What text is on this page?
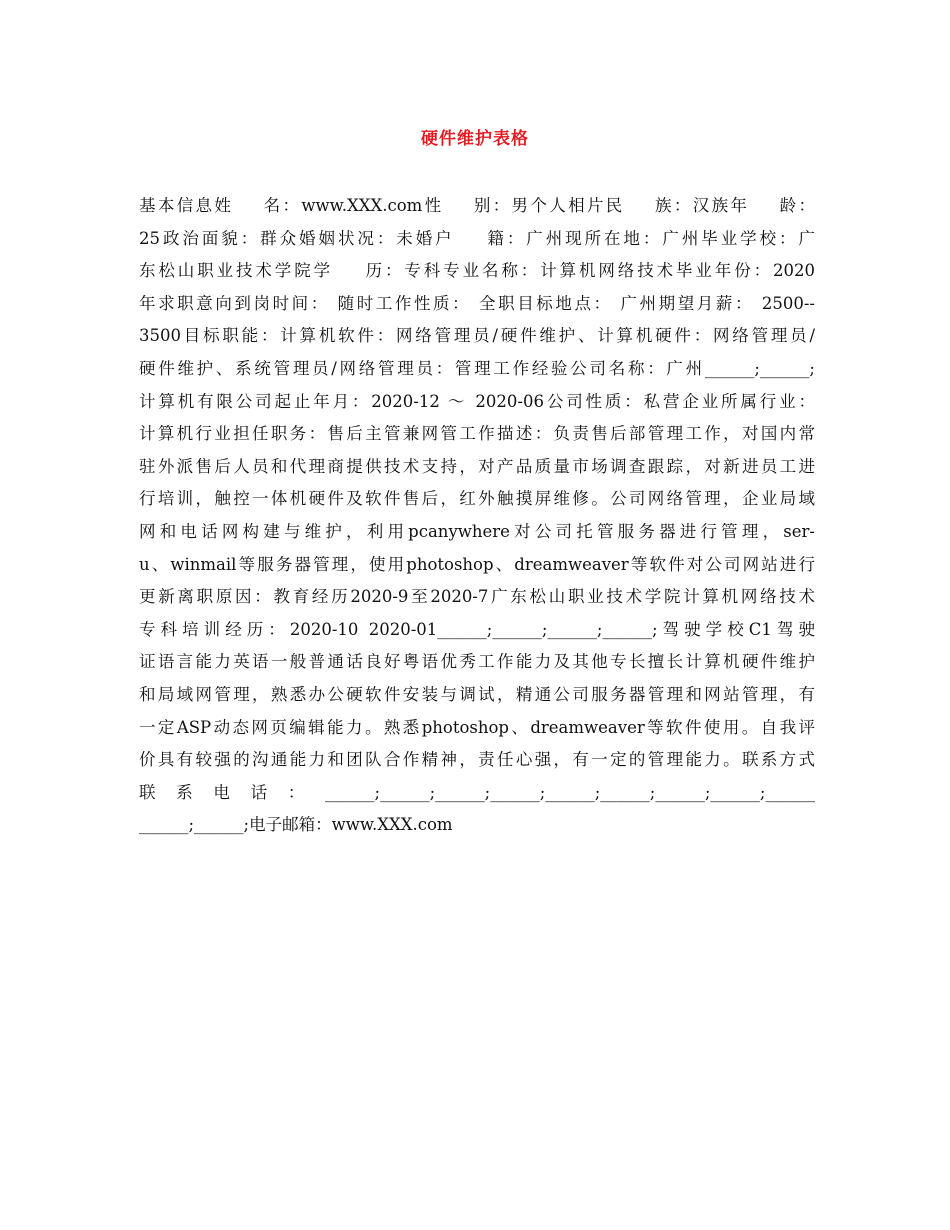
硬件维护表格
基本信息姓    名：www.XXX.com性    别：男个人相片民    族：汉族年    龄：
25政治面貌：群众婚姻状况：未婚户    籍：广州现所在地：广州毕业学校：广
东松山职业技术学院学    历：专科专业名称：计算机网络技术毕业年份：2020
年求职意向到岗时间： 随时工作性质： 全职目标地点： 广州期望月薪： 2500--
3500目标职能：计算机软件：网络管理员/硬件维护、计算机硬件：网络管理员/
硬件维护、系统管理员/网络管理员：管理工作经验公司名称：广州______;______;
计算机有限公司起止年月：2020-12 ～ 2020-06公司性质：私营企业所属行业：
计算机行业担任职务：售后主管兼网管工作描述：负责售后部管理工作，对国内常
驻外派售后人员和代理商提供技术支持，对产品质量市场调查跟踪，对新进员工进
行培训，触控一体机硬件及软件售后，红外触摸屏维修。公司网络管理，企业局域
网和电话网构建与维护，利用pcanywhere对公司托管服务器进行管理，ser-
u、winmail等服务器管理，使用photoshop、dreamweaver等软件对公司网站进行
更新离职原因：教育经历2020-9至2020-7广东松山职业技术学院计算机网络技术
专科培训经历：2020-10 2020-01______;______;______;______;驾驶学校C1驾驶
证语言能力英语一般普通话良好粤语优秀工作能力及其他专长擅长计算机硬件维护
和局域网管理，熟悉办公硬软件安装与调试，精通公司服务器管理和网站管理，有
一定ASP动态网页编辑能力。熟悉photoshop、dreamweaver等软件使用。自我评
价具有较强的沟通能力和团队合作精神，责任心强，有一定的管理能力。联系方式
联系电话：______;______;______;______;______;______;______;______;______
______;______;电子邮箱：www.XXX.com
